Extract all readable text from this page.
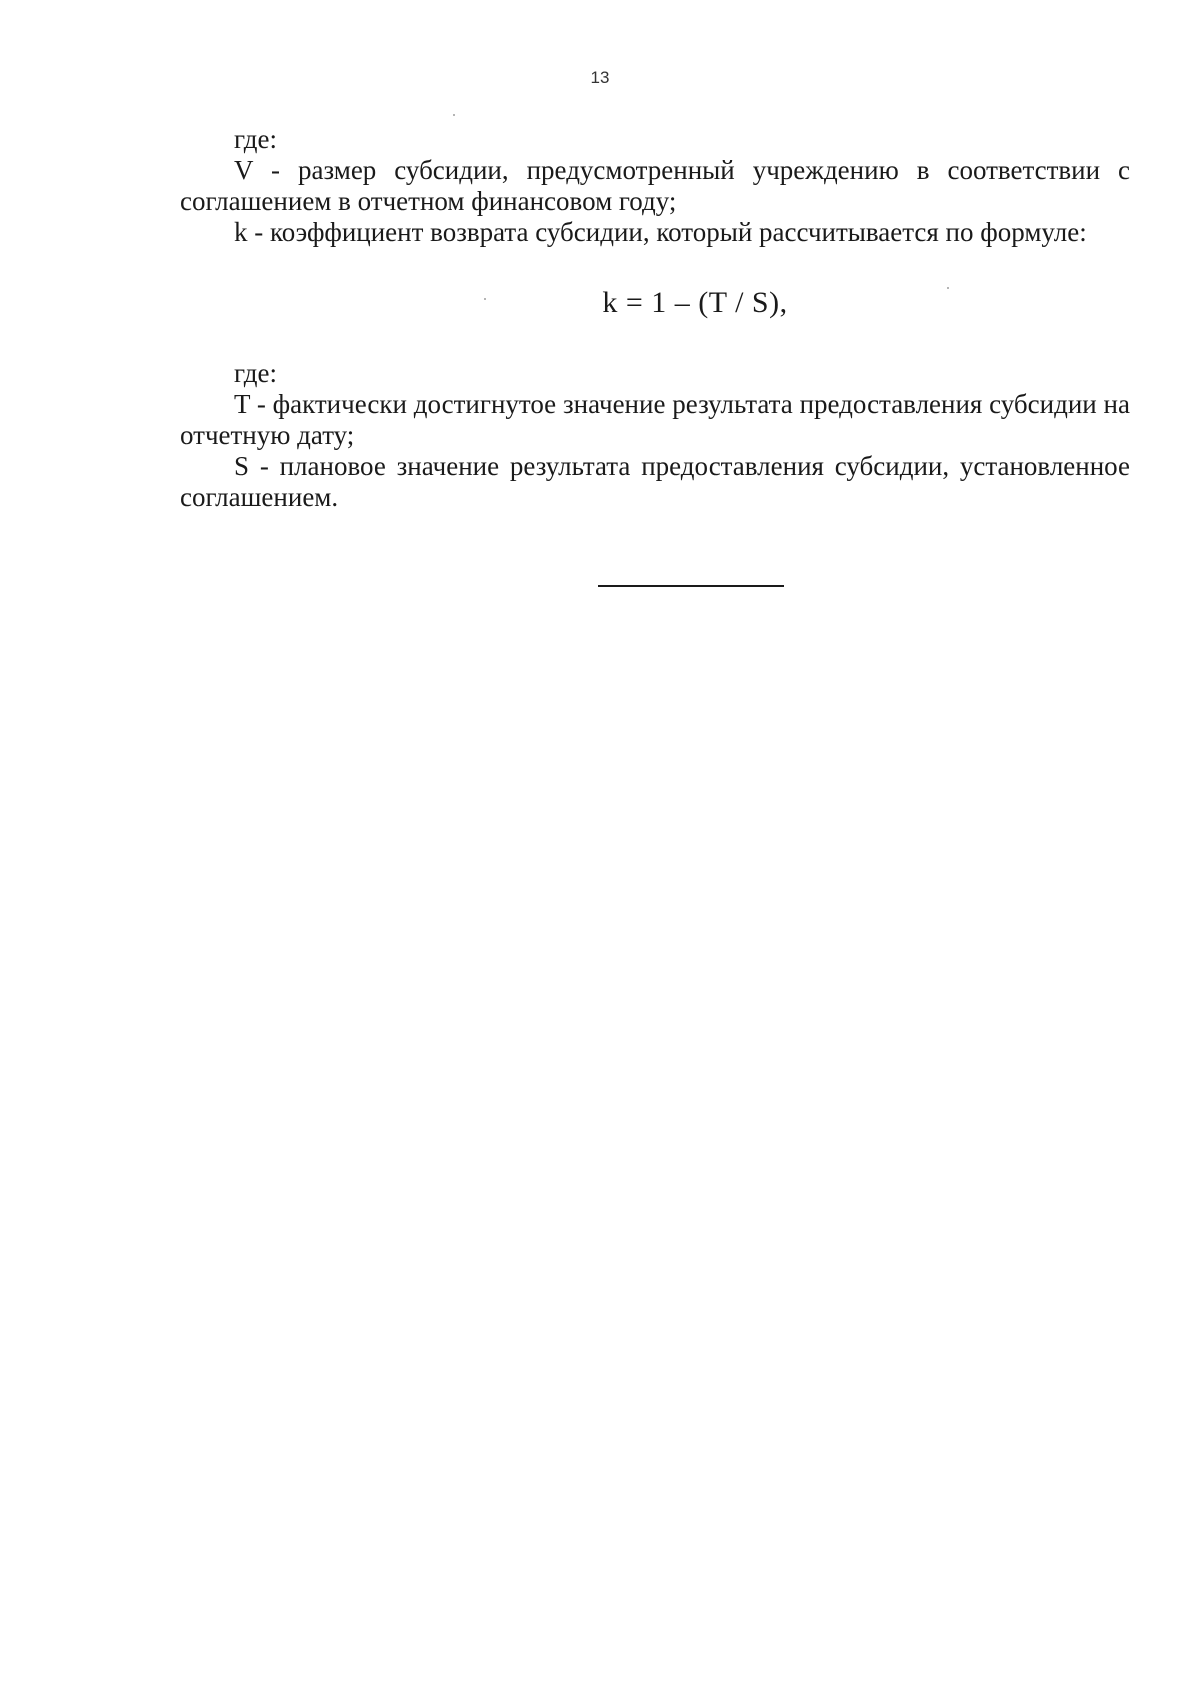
13

где:

V - размер субсидии, предусмотренный учреждению в соответствии с соглашением в отчетном финансовом году;

k - коэффициент возврата субсидии, который рассчитывается по формуле:

k = 1 – (T / S),

где:

T - фактически достигнутое значение результата предоставления субсидии на отчетную дату;

S - плановое значение результата предоставления субсидии, установленное соглашением.
